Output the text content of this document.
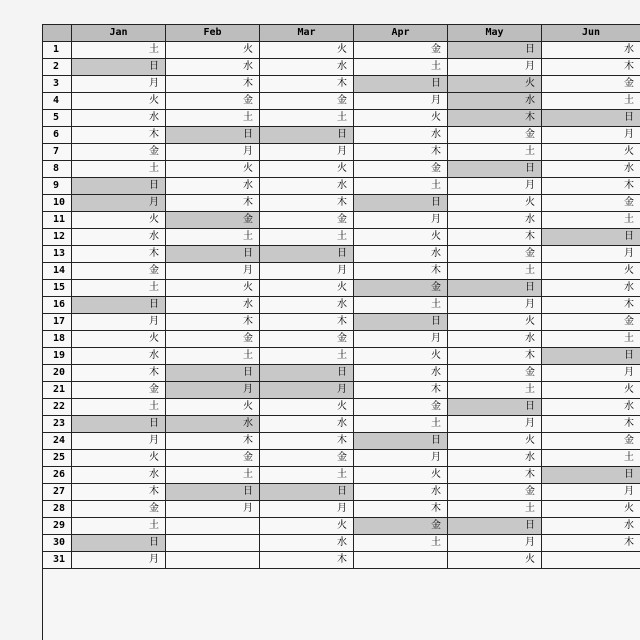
	Jan	Feb	Mar	Apr	May	Jun
1	土	火	火	金	日	水
2	日	水	水	土	月	木
3	月	木	木	日	火	金
4	火	金	金	月	水	土
5	水	土	土	火	木	日
6	木	日	日	水	金	月
7	金	月	月	木	土	火
8	土	火	火	金	日	水
9	日	水	水	土	月	木
10	月	木	木	日	火	金
11	火	金	金	月	水	土
12	水	土	土	火	木	日
13	木	日	日	水	金	月
14	金	月	月	木	土	火
15	土	火	火	金	日	水
16	日	水	水	土	月	木
17	月	木	木	日	火	金
18	火	金	金	月	水	土
19	水	土	土	火	木	日
20	木	日	日	水	金	月
21	金	月	月	木	土	火
22	土	火	火	金	日	水
23	日	水	水	土	月	木
24	月	木	木	日	火	金
25	火	金	金	月	水	土
26	水	土	土	火	木	日
27	木	日	日	水	金	月
28	金	月	月	木	土	火
29	土		火	金	日	水
30	日		水	土	月	木
31	月		木		火	
